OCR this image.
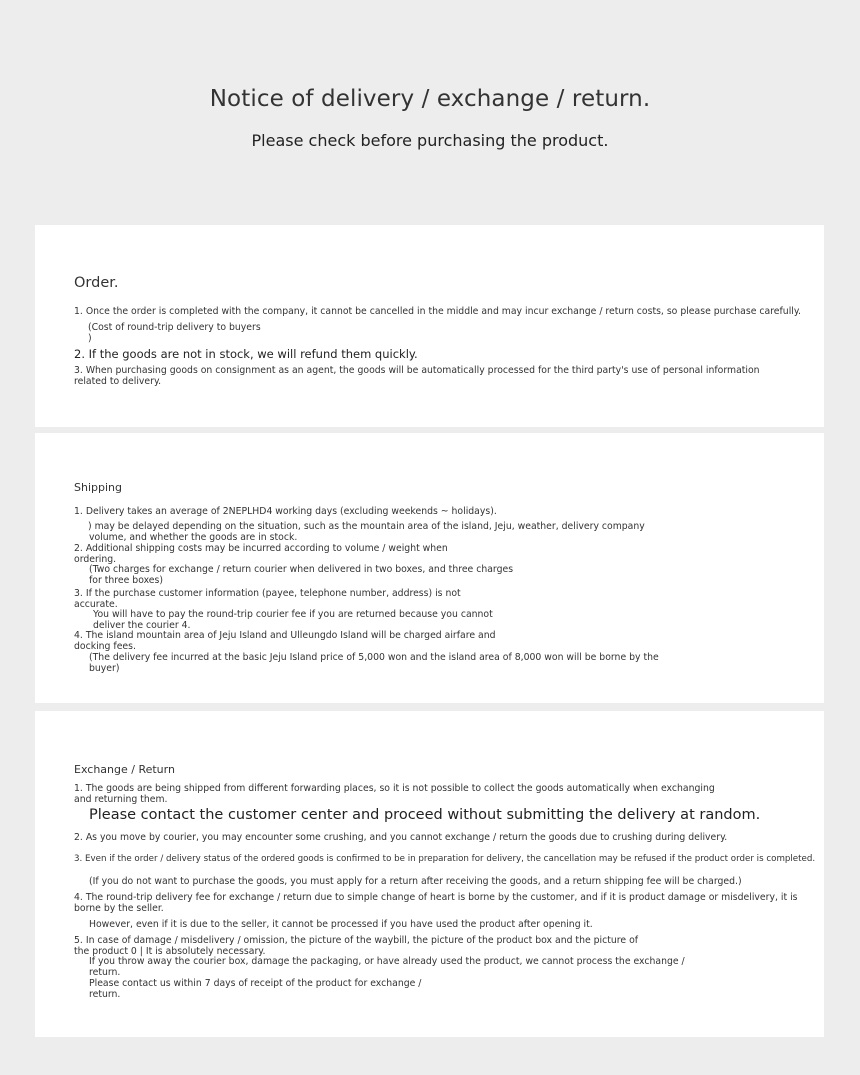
Notice of delivery / exchange / return.
Please check before purchasing the product.
Order.
1. Once the order is completed with the company, it cannot be cancelled in the middle and may incur exchange / return costs, so please purchase carefully.
(Cost of round-trip delivery to buyers
)
2. If the goods are not in stock, we will refund them quickly.
3. When purchasing goods on consignment as an agent, the goods will be automatically processed for the third party's use of personal information
related to delivery.
Shipping
1. Delivery takes an average of 2NEPLHD4 working days (excluding weekends ~ holidays).
) may be delayed depending on the situation, such as the mountain area of the island, Jeju, weather, delivery company
volume, and whether the goods are in stock.
2. Additional shipping costs may be incurred according to volume / weight when
ordering.
(Two charges for exchange / return courier when delivered in two boxes, and three charges
for three boxes)
3. If the purchase customer information (payee, telephone number, address) is not
accurate.
You will have to pay the round-trip courier fee if you are returned because you cannot
deliver the courier 4.
4. The island mountain area of Jeju Island and Ulleungdo Island will be charged airfare and
docking fees.
(The delivery fee incurred at the basic Jeju Island price of 5,000 won and the island area of 8,000 won will be borne by the
buyer)
Exchange / Return
1. The goods are being shipped from different forwarding places, so it is not possible to collect the goods automatically when exchanging
and returning them.
Please contact the customer center and proceed without submitting the delivery at random.
2. As you move by courier, you may encounter some crushing, and you cannot exchange / return the goods due to crushing during delivery.
3. Even if the order / delivery status of the ordered goods is confirmed to be in preparation for delivery, the cancellation may be refused if the product order is completed.
(If you do not want to purchase the goods, you must apply for a return after receiving the goods, and a return shipping fee will be charged.)
4. The round-trip delivery fee for exchange / return due to simple change of heart is borne by the customer, and if it is product damage or misdelivery, it is
borne by the seller.
However, even if it is due to the seller, it cannot be processed if you have used the product after opening it.
5. In case of damage / misdelivery / omission, the picture of the waybill, the picture of the product box and the picture of
the product 0 | It is absolutely necessary.
If you throw away the courier box, damage the packaging, or have already used the product, we cannot process the exchange /
return.
Please contact us within 7 days of receipt of the product for exchange /
return.
